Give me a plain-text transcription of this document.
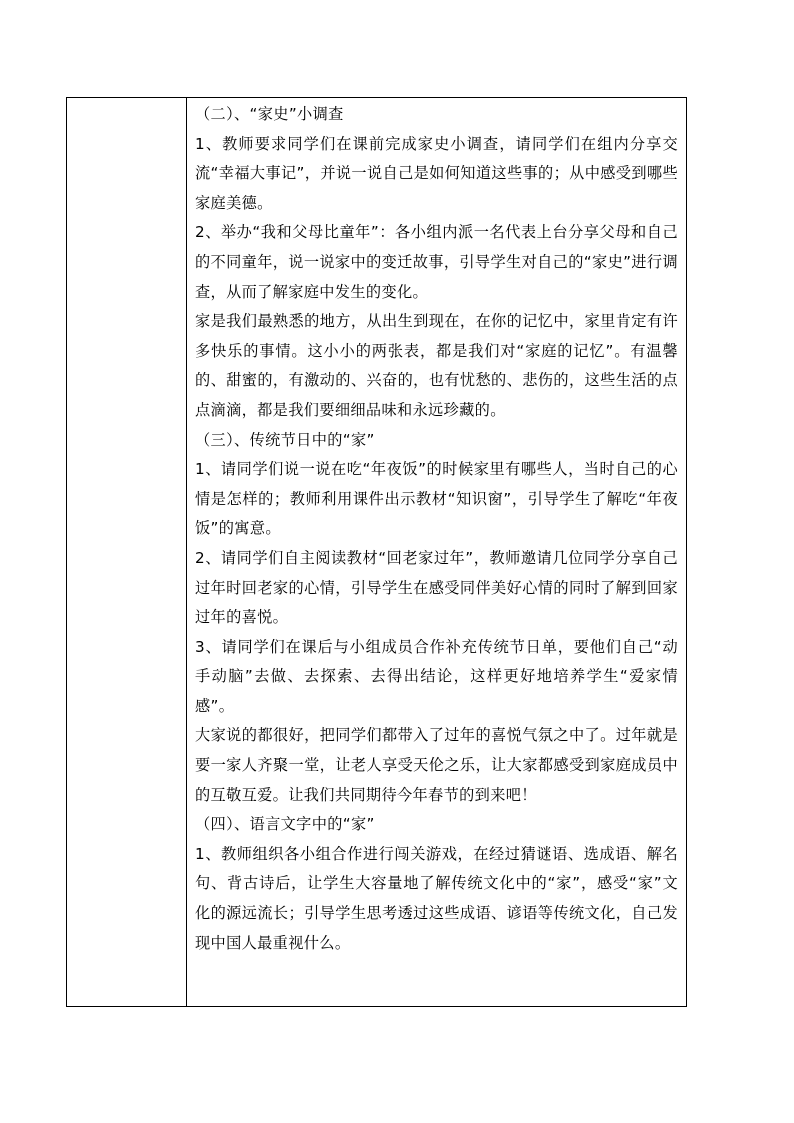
（二）、“家史”小调查

1、教师要求同学们在课前完成家史小调查，请同学们在组内分享交流“幸福大事记”，并说一说自己是如何知道这些事的；从中感受到哪些家庭美德。

2、举办“我和父母比童年”：各小组内派一名代表上台分享父母和自己的不同童年，说一说家中的变迁故事，引导学生对自己的“家史”进行调查，从而了解家庭中发生的变化。

家是我们最熟悉的地方，从出生到现在，在你的记忆中，家里肯定有许多快乐的事情。这小小的两张表，都是我们对“家庭的记忆”。有温馨的、甜蜜的，有激动的、兴奋的，也有忧愁的、悲伤的，这些生活的点点滴滴，都是我们要细细品味和永远珍藏的。

（三）、传统节日中的“家”

1、请同学们说一说在吃“年夜饭”的时候家里有哪些人，当时自己的心情是怎样的；教师利用课件出示教材“知识窗”，引导学生了解吃“年夜饭”的寓意。

2、请同学们自主阅读教材“回老家过年”，教师邀请几位同学分享自己过年时回老家的心情，引导学生在感受同伴美好心情的同时了解到回家过年的喜悦。

3、请同学们在课后与小组成员合作补充传统节日单，要他们自己“动手动脑”去做、去探索、去得出结论，这样更好地培养学生“爱家情感”。

大家说的都很好，把同学们都带入了过年的喜悦气氛之中了。过年就是要一家人齐聚一堂，让老人享受天伦之乐，让大家都感受到家庭成员中的互敬互爱。让我们共同期待今年春节的到来吧！

（四）、语言文字中的“家”

1、教师组织各小组合作进行闯关游戏，在经过猜谜语、选成语、解名句、背古诗后，让学生大容量地了解传统文化中的“家”，感受“家”文化的源远流长；引导学生思考透过这些成语、谚语等传统文化，自己发现中国人最重视什么。
